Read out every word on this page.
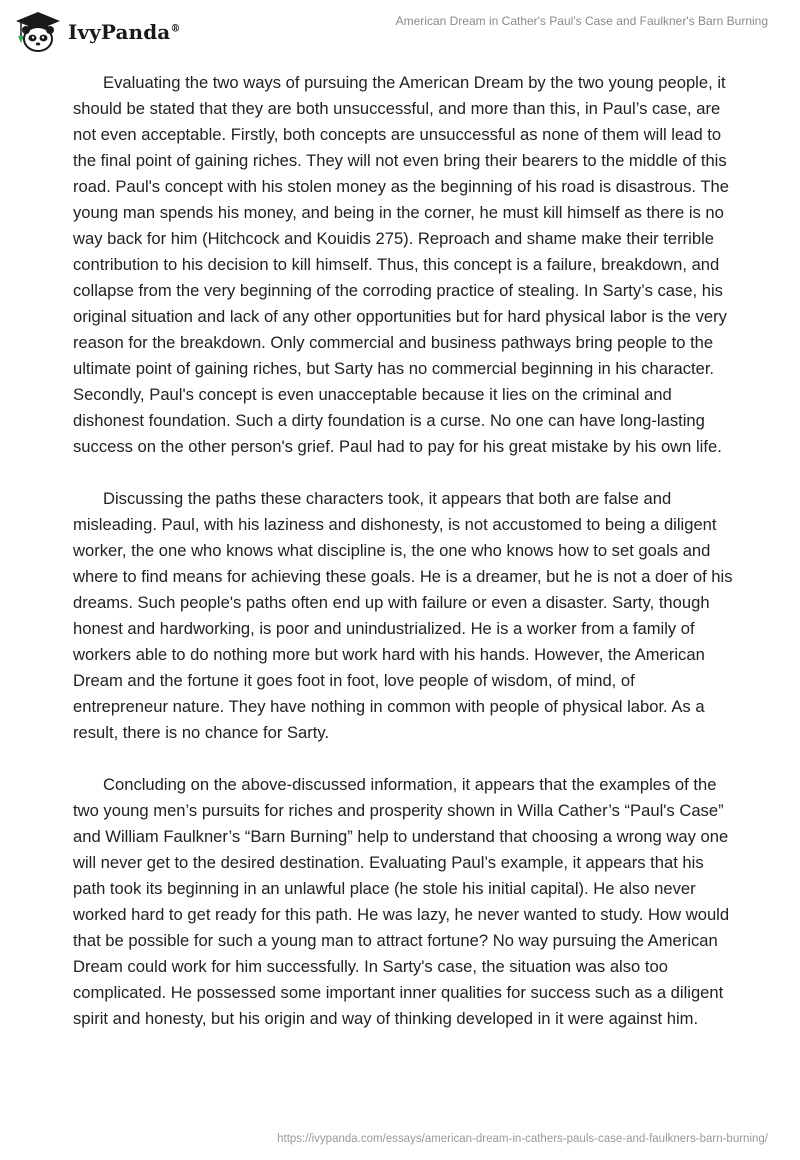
IvyPanda®
American Dream in Cather's Paul's Case and Faulkner's Barn Burning

Evaluating the two ways of pursuing the American Dream by the two young people, it should be stated that they are both unsuccessful, and more than this, in Paul’s case, are not even acceptable. Firstly, both concepts are unsuccessful as none of them will lead to the final point of gaining riches. They will not even bring their bearers to the middle of this road. Paul's concept with his stolen money as the beginning of his road is disastrous. The young man spends his money, and being in the corner, he must kill himself as there is no way back for him (Hitchcock and Kouidis 275). Reproach and shame make their terrible contribution to his decision to kill himself. Thus, this concept is a failure, breakdown, and collapse from the very beginning of the corroding practice of stealing. In Sarty’s case, his original situation and lack of any other opportunities but for hard physical labor is the very reason for the breakdown. Only commercial and business pathways bring people to the ultimate point of gaining riches, but Sarty has no commercial beginning in his character. Secondly, Paul's concept is even unacceptable because it lies on the criminal and dishonest foundation. Such a dirty foundation is a curse. No one can have long-lasting success on the other person's grief. Paul had to pay for his great mistake by his own life.

Discussing the paths these characters took, it appears that both are false and misleading. Paul, with his laziness and dishonesty, is not accustomed to being a diligent worker, the one who knows what discipline is, the one who knows how to set goals and where to find means for achieving these goals. He is a dreamer, but he is not a doer of his dreams. Such people's paths often end up with failure or even a disaster. Sarty, though honest and hardworking, is poor and unindustrialized. He is a worker from a family of workers able to do nothing more but work hard with his hands. However, the American Dream and the fortune it goes foot in foot, love people of wisdom, of mind, of entrepreneur nature. They have nothing in common with people of physical labor. As a result, there is no chance for Sarty.

Concluding on the above-discussed information, it appears that the examples of the two young men’s pursuits for riches and prosperity shown in Willa Cather’s “Paul's Case” and William Faulkner’s “Barn Burning” help to understand that choosing a wrong way one will never get to the desired destination. Evaluating Paul’s example, it appears that his path took its beginning in an unlawful place (he stole his initial capital). He also never worked hard to get ready for this path. He was lazy, he never wanted to study. How would that be possible for such a young man to attract fortune? No way pursuing the American Dream could work for him successfully. In Sarty's case, the situation was also too complicated. He possessed some important inner qualities for success such as a diligent spirit and honesty, but his origin and way of thinking developed in it were against him.

https://ivypanda.com/essays/american-dream-in-cathers-pauls-case-and-faulkners-barn-burning/
